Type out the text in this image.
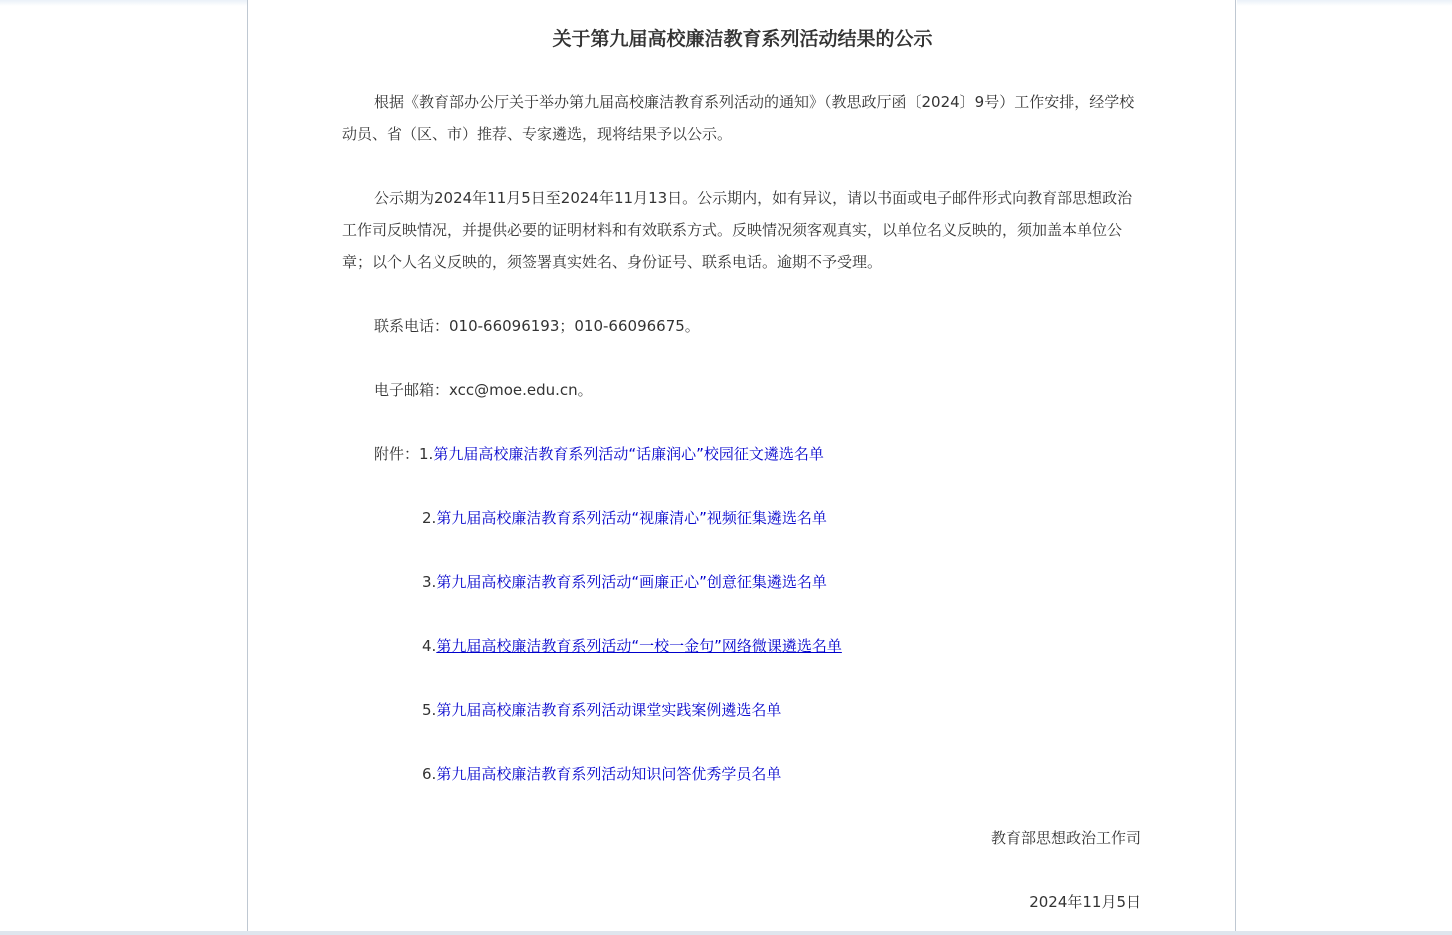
关于第九届高校廉洁教育系列活动结果的公示

根据《教育部办公厅关于举办第九届高校廉洁教育系列活动的通知》（教思政厅函〔2024〕9号）工作安排，经学校动员、省（区、市）推荐、专家遴选，现将结果予以公示。

公示期为2024年11月5日至2024年11月13日。公示期内，如有异议，请以书面或电子邮件形式向教育部思想政治工作司反映情况，并提供必要的证明材料和有效联系方式。反映情况须客观真实，以单位名义反映的，须加盖本单位公章；以个人名义反映的，须签署真实姓名、身份证号、联系电话。逾期不予受理。

联系电话：010-66096193；010-66096675。
电子邮箱：xcc@moe.edu.cn。
附件：1.第九届高校廉洁教育系列活动“话廉润心”校园征文遴选名单
2.第九届高校廉洁教育系列活动“视廉清心”视频征集遴选名单
3.第九届高校廉洁教育系列活动“画廉正心”创意征集遴选名单
4.第九届高校廉洁教育系列活动“一校一金句”网络微课遴选名单
5.第九届高校廉洁教育系列活动课堂实践案例遴选名单
6.第九届高校廉洁教育系列活动知识问答优秀学员名单
教育部思想政治工作司
2024年11月5日
